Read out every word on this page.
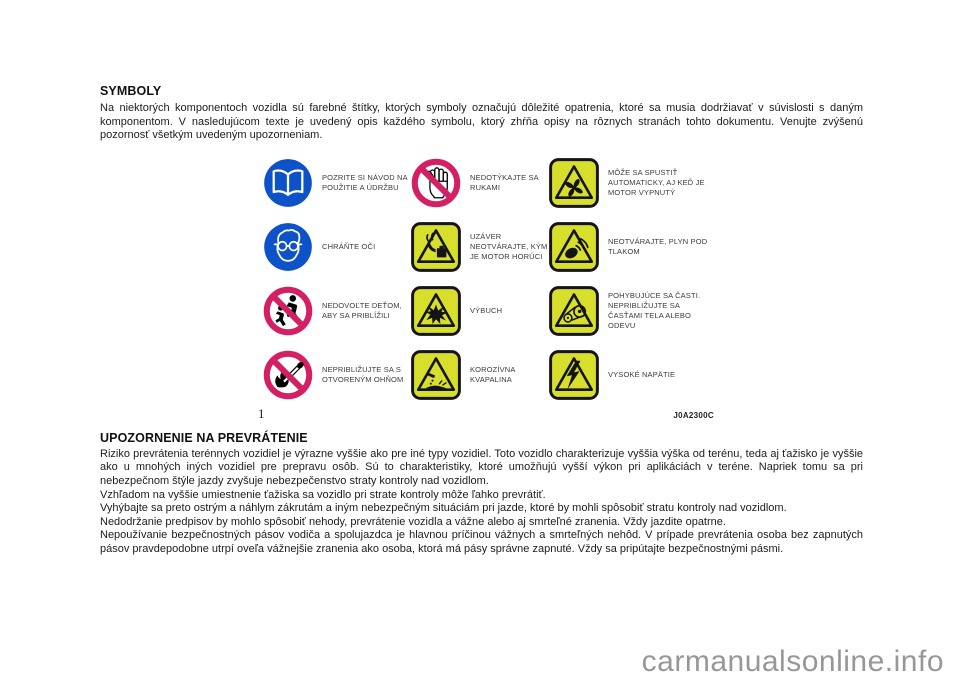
SYMBOLY

Na niektorých komponentoch vozidla sú farebné štítky, ktorých symboly označujú dôležité opatrenia, ktoré sa musia dodržiavať v súvislosti s daným komponentom. V nasledujúcom texte je uvedený opis každého symbolu, ktorý zhŕňa opisy na rôznych stranách tohto dokumentu. Venujte zvýšenú pozornosť všetkým uvedeným upozorneniam.

POZRITE SI NÁVOD NA POUŽITIE A ÚDRŽBU
NEDOTÝKAJTE SA RUKAMI
MÔŽE SA SPUSTIŤ AUTOMATICKY, AJ KEĎ JE MOTOR VYPNUTÝ
CHRÁŇTE OČI
UZÁVER NEOTVÁRAJTE, KÝM JE MOTOR HORÚCI
NEOTVÁRAJTE, PLYN POD TLAKOM
NEDOVOĽTE DEŤOM, ABY SA PRIBLÍŽILI
VÝBUCH
POHYBUJÚCE SA ČASTI. NEPRIBLIŽUJTE SA ČASŤAMI TELA ALEBO ODEVU
NEPRIBLIŽUJTE SA S OTVORENÝM OHŇOM
KOROZÍVNA KVAPALINA
VYSOKÉ NAPÄTIE
1	J0A2300C
UPOZORNENIE NA PREVRÁTENIE

Riziko prevrátenia terénnych vozidiel je výrazne vyššie ako pre iné typy vozidiel. Toto vozidlo charakterizuje vyššia výška od terénu, teda aj ťažisko je vyššie ako u mnohých iných vozidiel pre prepravu osôb. Sú to charakteristiky, ktoré umožňujú vyšší výkon pri aplikáciách v teréne. Napriek tomu sa pri nebezpečnom štýle jazdy zvyšuje nebezpečenstvo straty kontroly nad vozidlom.

Vzhľadom na vyššie umiestnenie ťažiska sa vozidlo pri strate kontroly môže ľahko prevrátiť.

Vyhýbajte sa preto ostrým a náhlym zákrutám a iným nebezpečným situáciám pri jazde, ktoré by mohli spôsobiť stratu kontroly nad vozidlom.

Nedodržanie predpisov by mohlo spôsobiť nehody, prevrátenie vozidla a vážne alebo aj smrteľné zranenia. Vždy jazdite opatrne.

Nepoužívanie bezpečnostných pásov vodiča a spolujazdca je hlavnou príčinou vážnych a smrteľných nehôd. V prípade prevrátenia osoba bez zapnutých pásov pravdepodobne utrpí oveľa vážnejšie zranenia ako osoba, ktorá má pásy správne zapnuté. Vždy sa pripútajte bezpečnostnými pásmi.

carmanualsonline.info
